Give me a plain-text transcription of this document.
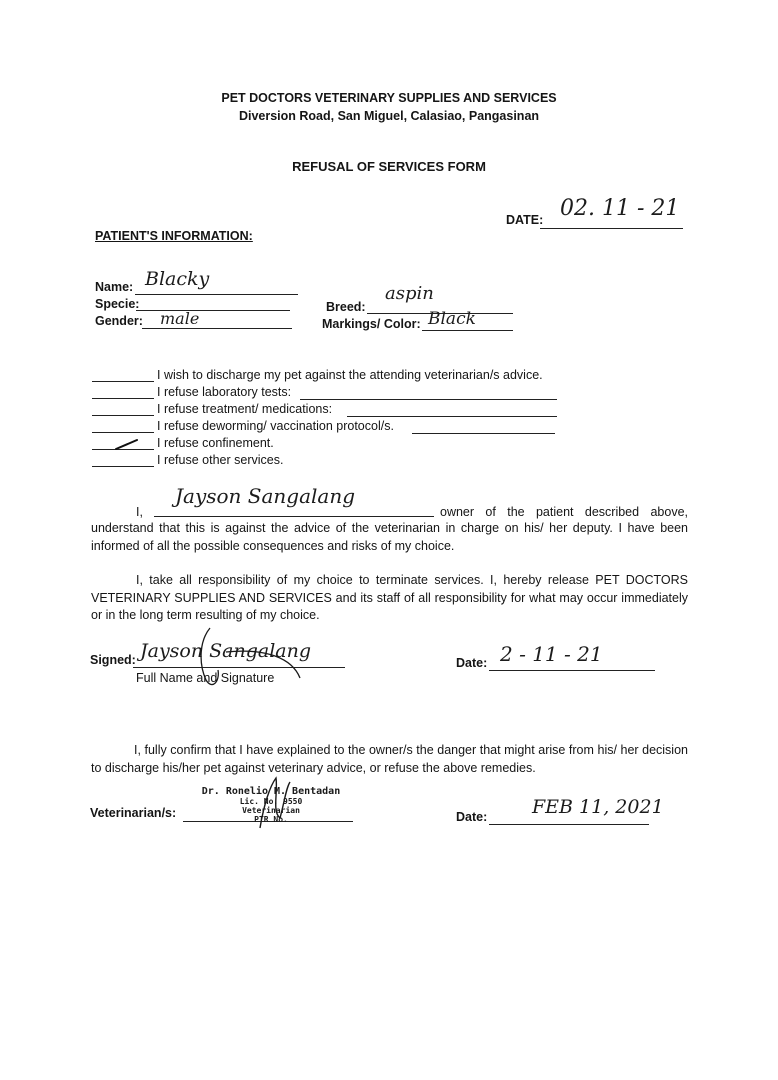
PET DOCTORS VETERINARY SUPPLIES AND SERVICES
Diversion Road, San Miguel, Calasiao, Pangasinan
REFUSAL OF SERVICES FORM
DATE: 02. 11 - 21
PATIENT'S INFORMATION:
Name: Blacky
Specie:
Gender: male
Breed:
aspin
Markings/ Color: Black
I wish to discharge my pet against the attending veterinarian/s advice.
I refuse laboratory tests:
I refuse treatment/ medications:
I refuse deworming/ vaccination protocol/s.
I refuse confinement.
I refuse other services.
I,
Jayson Sangalang
owner of the patient described above,
understand that this is against the advice of the veterinarian in charge on his/ her deputy. I have been informed of all the possible consequences and risks of my choice.
I, take all responsibility of my choice to terminate services. I, hereby release PET DOCTORS VETERINARY SUPPLIES AND SERVICES and its staff of all responsibility for what may occur immediately or in the long term resulting of my choice.
Signed: Jayson Sangalang
Full Name and Signature
Date: 2 - 11 - 21
I, fully confirm that I have explained to the owner/s the danger that might arise from his/ her decision to discharge his/her pet against veterinary advice, or refuse the above remedies.
Veterinarian/s:
Dr. Ronelio M. Bentadan
Lic. No. 9550
Veterinarian
PTR No.	Date: FEB 11, 2021
